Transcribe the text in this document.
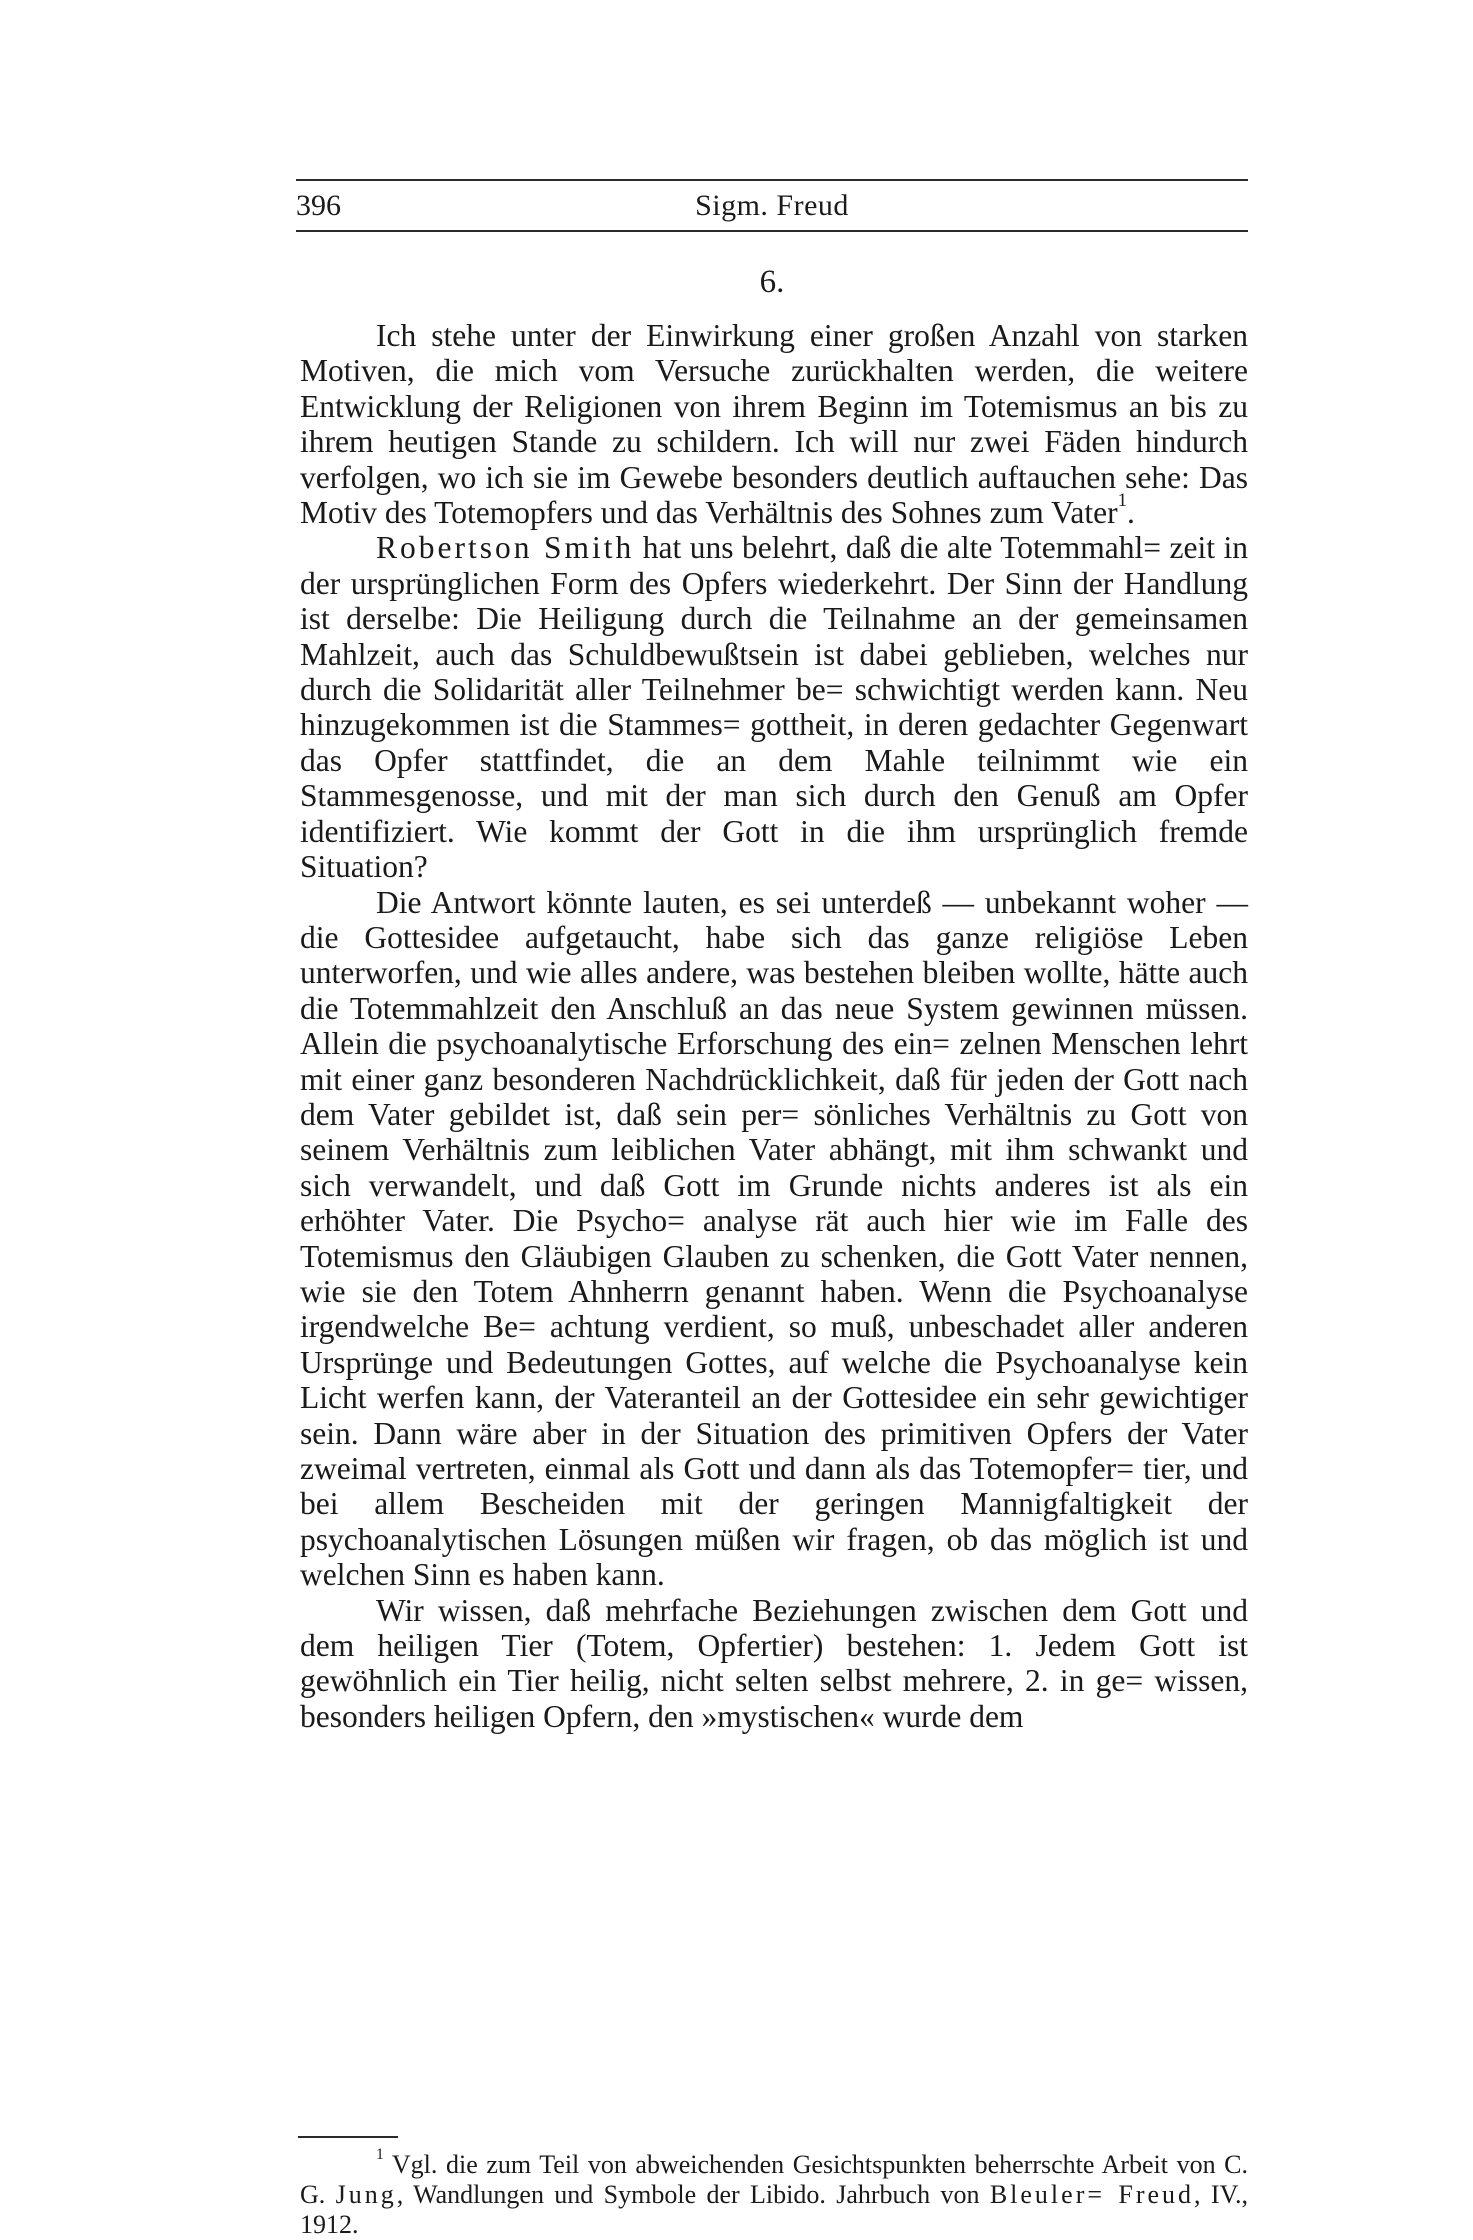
396	Sigm. Freud
6.

Ich stehe unter der Einwirkung einer großen Anzahl von starken Motiven, die mich vom Versuche zurückhalten werden, die weitere Entwicklung der Religionen von ihrem Beginn im Totemismus an bis zu ihrem heutigen Stande zu schildern. Ich will nur zwei Fäden hindurch verfolgen, wo ich sie im Gewebe besonders deutlich auftauchen sehe: Das Motiv des Totemopfers und das Verhältnis des Sohnes zum Vater$^1$.

Robertson Smith hat uns belehrt, daß die alte Totemmahl= zeit in der ursprünglichen Form des Opfers wiederkehrt. Der Sinn der Handlung ist derselbe: Die Heiligung durch die Teilnahme an der gemeinsamen Mahlzeit, auch das Schuldbewußtsein ist dabei geblieben, welches nur durch die Solidarität aller Teilnehmer be= schwichtigt werden kann. Neu hinzugekommen ist die Stammes= gottheit, in deren gedachter Gegenwart das Opfer stattfindet, die an dem Mahle teilnimmt wie ein Stammesgenosse, und mit der man sich durch den Genuß am Opfer identifiziert. Wie kommt der Gott in die ihm ursprünglich fremde Situation?

Die Antwort könnte lauten, es sei unterdeß — unbekannt woher — die Gottesidee aufgetaucht, habe sich das ganze religiöse Leben unterworfen, und wie alles andere, was bestehen bleiben wollte, hätte auch die Totemmahlzeit den Anschluß an das neue System gewinnen müssen. Allein die psychoanalytische Erforschung des ein= zelnen Menschen lehrt mit einer ganz besonderen Nachdrücklichkeit, daß für jeden der Gott nach dem Vater gebildet ist, daß sein per= sönliches Verhältnis zu Gott von seinem Verhältnis zum leiblichen Vater abhängt, mit ihm schwankt und sich verwandelt, und daß Gott im Grunde nichts anderes ist als ein erhöhter Vater. Die Psycho= analyse rät auch hier wie im Falle des Totemismus den Gläubigen Glauben zu schenken, die Gott Vater nennen, wie sie den Totem Ahnherrn genannt haben. Wenn die Psychoanalyse irgendwelche Be= achtung verdient, so muß, unbeschadet aller anderen Ursprünge und Bedeutungen Gottes, auf welche die Psychoanalyse kein Licht werfen kann, der Vateranteil an der Gottesidee ein sehr gewichtiger sein. Dann wäre aber in der Situation des primitiven Opfers der Vater zweimal vertreten, einmal als Gott und dann als das Totemopfer= tier, und bei allem Bescheiden mit der geringen Mannigfaltigkeit der psychoanalytischen Lösungen müßen wir fragen, ob das möglich ist und welchen Sinn es haben kann.

Wir wissen, daß mehrfache Beziehungen zwischen dem Gott und dem heiligen Tier (Totem, Opfertier) bestehen: 1. Jedem Gott ist gewöhnlich ein Tier heilig, nicht selten selbst mehrere, 2. in ge= wissen, besonders heiligen Opfern, den »mystischen« wurde dem

$^1$ Vgl. die zum Teil von abweichenden Gesichtspunkten beherrschte Arbeit von C. G. Jung, Wandlungen und Symbole der Libido. Jahrbuch von Bleuler= Freud, IV., 1912.
